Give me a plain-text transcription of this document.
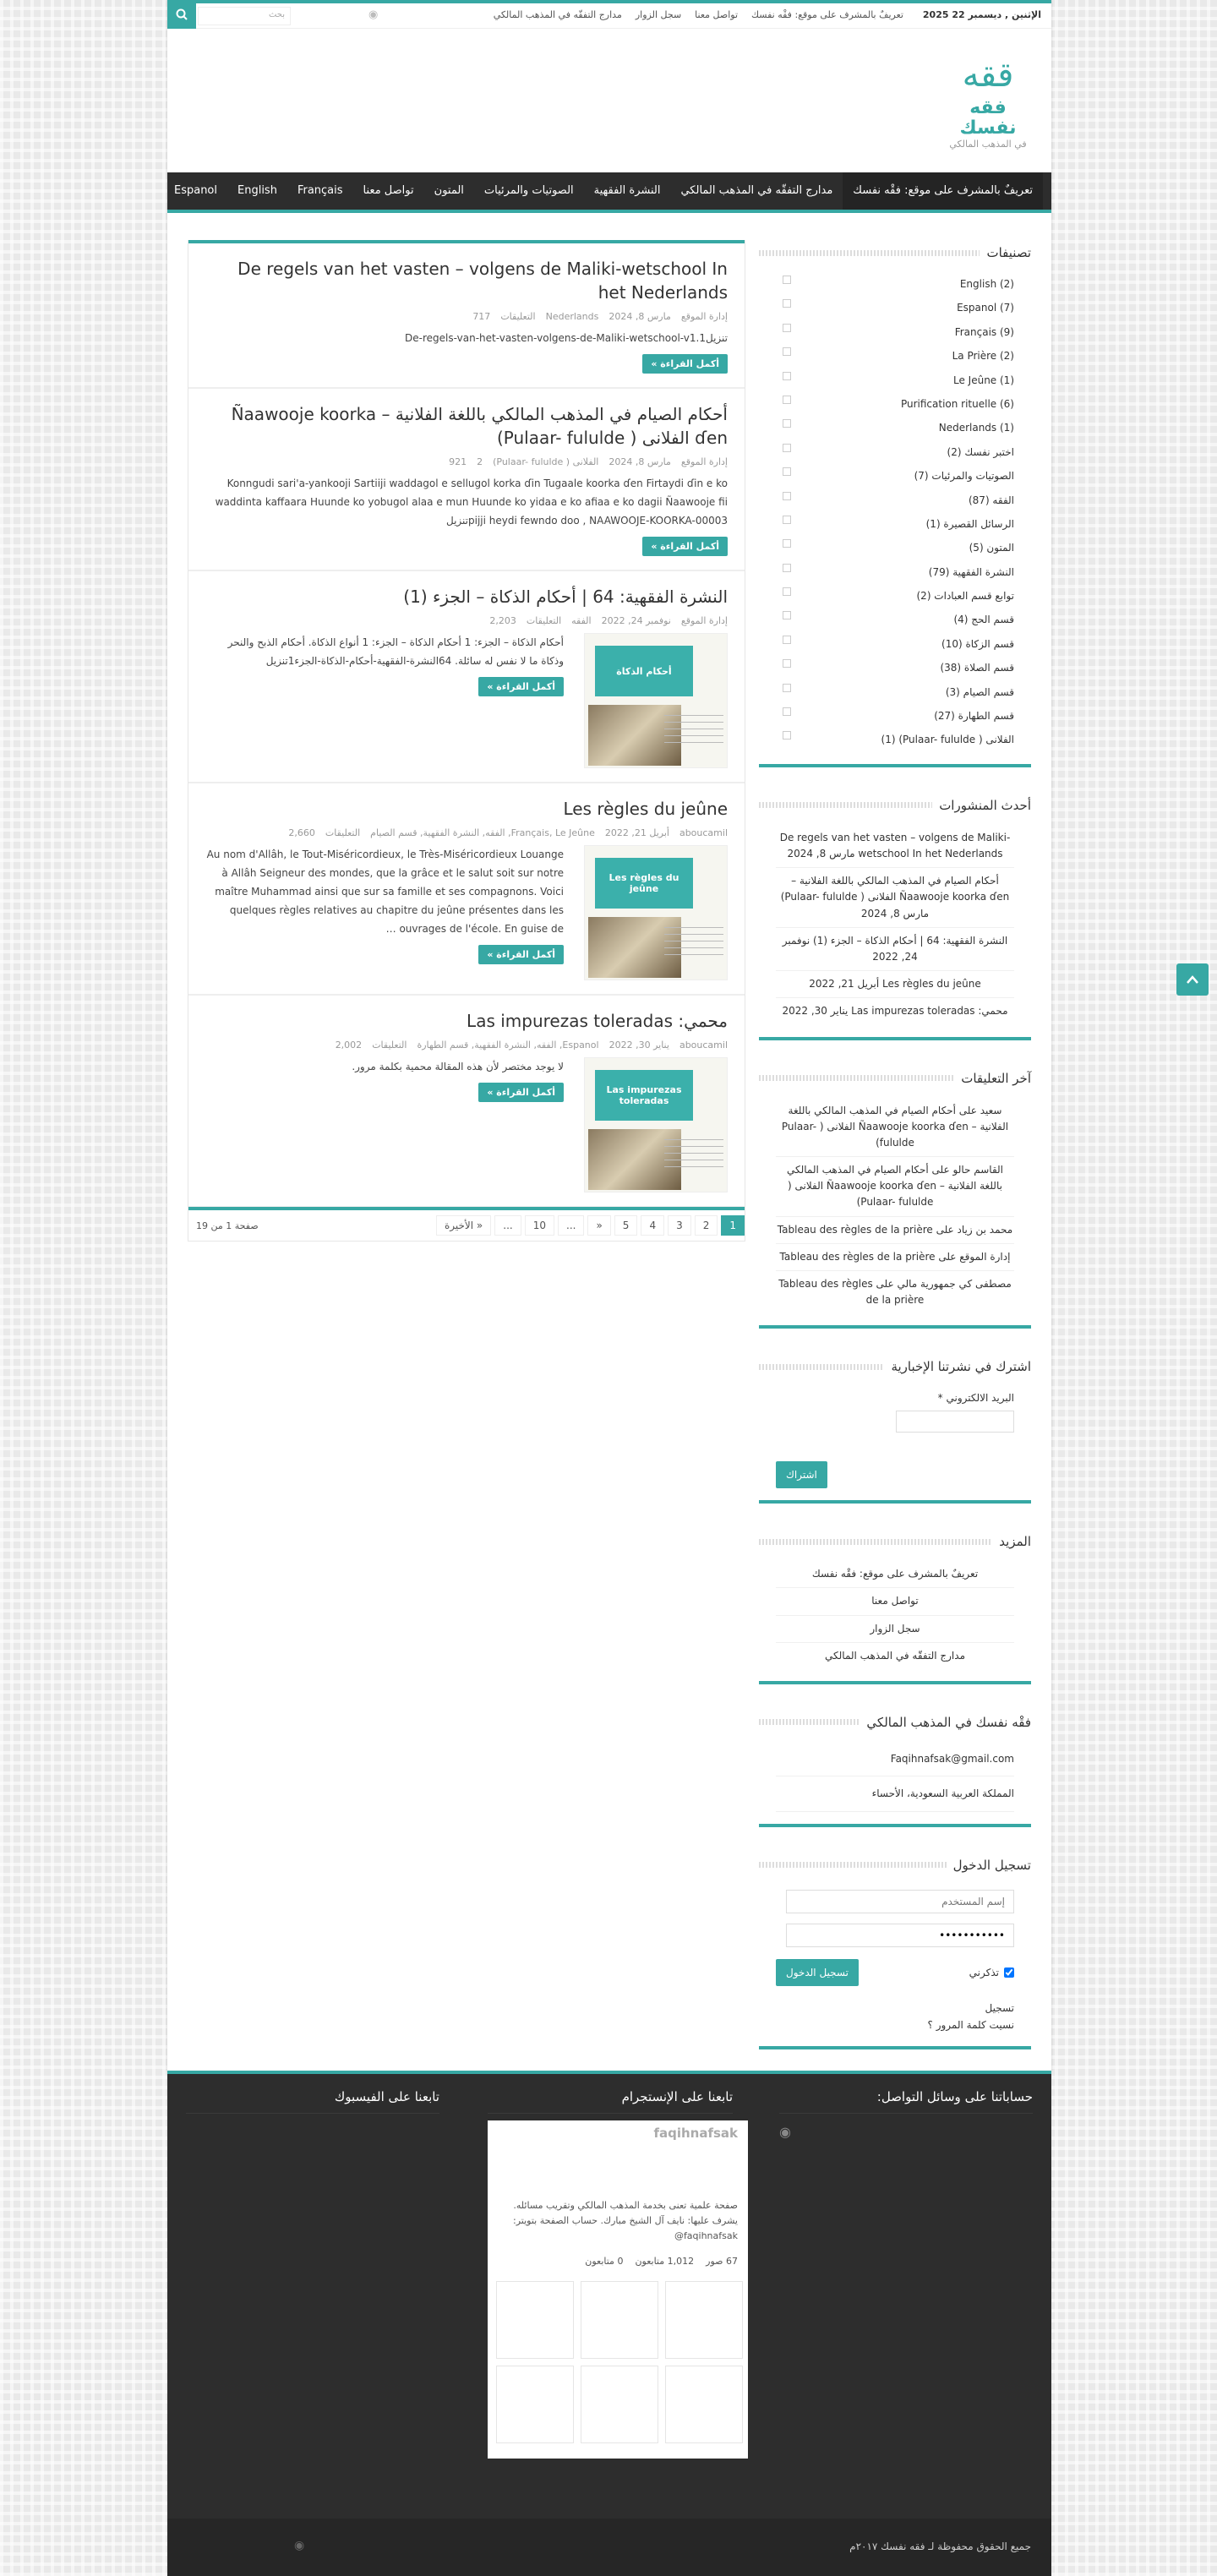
بحث	◉	تعريفٌ بالمشرف على موقع: فقْه نفسك
تواصل معنا
سجل الزوار
مدارج التفقّه في المذهب المالكي	الإثنين , ديسمبر 22 2025
ققه
فقه نفسك
في المذهب المالكي
تعريفٌ بالمشرف على موقع: فقْه نفسك
مدارج التفقّه في المذهب المالكي
النشرة الفقهية
الصوتيات والمرئيات
المتون
تواصل معنا
Français
English
Espanol
De regels van het vasten – volgens de Maliki-wetschool In het Nederlands
إدارة الموقع
مارس 8, 2024
Nederlands
التعليقات
717
تنزيلDe-regels-van-het-vasten-volgens-de-Maliki-wetschool-v1.1
أكمل القراءة »
أحكام الصيام في المذهب المالكي باللغة الفلانية – Ñaawooje koorka ɗen الفلانى ( Pulaar- fululde)
إدارة الموقع
مارس 8, 2024
الفلانى ( Pulaar- fululde)
2
921
Konngudi sari'a-yankooji Sartiiji waddagol e sellugol korka ɗin Tugaale koorka ɗen Firtaydi ɗin e ko waddinta kaffaara Huunde ko yobugol alaa e mun Huunde ko yidaa e ko afiaa e ko dagii Ñaawooje fii pijji heydi fewndo doo , NAAWOOJE-KOORKA-00003تنزيل
أكمل القراءة »
النشرة الفقهية: 64 | أحكام الذكاة – الجزء (1)
إدارة الموقع
نوفمبر 24, 2022
الفقه
التعليقات
2,203
أحكام الذكاة
أحكام الذكاة – الجزء: 1 أحكام الذكاة – الجزء: 1 أنواع الذكاة. أحكام الذبح والنحر وذكاة ما لا نفس له سائلة. 64النشرة-الفقهية-أحكام-الذكاة-الجزء1تنزيل
أكمل القراءة »
Les règles du jeûne
aboucamil
أبريل 21, 2022
Français, Le Jeûne, الفقه, النشرة الفقهية, قسم الصيام
التعليقات
2,660
Les règles du jeûne
Au nom d'Allâh, le Tout-Miséricordieux, le Très-Miséricordieux Louange à Allâh Seigneur des mondes, que la grâce et le salut soit sur notre maître Muhammad ainsi que sur sa famille et ses compagnons. Voici quelques règles relatives au chapitre du jeûne présentes dans les ouvrages de l'école. En guise de …
أكمل القراءة »
محمي: Las impurezas toleradas
aboucamil
يناير 30, 2022
Espanol, الفقه, النشرة الفقهية, قسم الطهارة
التعليقات
2,002
Las impurezas toleradas
لا يوجد مختصر لأن هذه المقالة محمية بكلمة مرور.
أكمل القراءة »
1
2
3
4
5
»
...
10
...
الأخيرة »
صفحة 1 من 19
تصنيفات
English (2)
Espanol (7)
Français (9)
La Prière (2)
Le Jeûne (1)
Purification rituelle (6)
Nederlands (1)
اختبر نفسك (2)
الصوتيات والمرئيات (7)
الفقه (87)
الرسائل القصيرة (1)
المتون (5)
النشرة الفقهية (79)
توابع قسم العبادات (2)
قسم الحج (4)
قسم الزكاة (10)
قسم الصلاة (38)
قسم الصيام (3)
قسم الطهارة (27)
الفلانى ( Pulaar- fululde) (1)
أحدث المنشورات
De regels van het vasten – volgens de Maliki-wetschool In het Nederlands مارس 8, 2024
أحكام الصيام في المذهب المالكي باللغة الفلانية – Ñaawooje koorka ɗen الفلانى ( Pulaar- fululde) مارس 8, 2024
النشرة الفقهية: 64 | أحكام الذكاة – الجزء (1) نوفمبر 24, 2022
Les règles du jeûne أبريل 21, 2022
محمي: Las impurezas toleradas يناير 30, 2022
آخر التعليقات
سعيد على أحكام الصيام في المذهب المالكي باللغة الفلانية – Ñaawooje koorka ɗen الفلانى ( Pulaar- fululde)
القاسم حالو على أحكام الصيام في المذهب المالكي باللغة الفلانية – Ñaawooje koorka ɗen الفلانى ( Pulaar- fululde)
محمد بن زياد على Tableau des règles de la prière
إدارة الموقع على Tableau des règles de la prière
مصطفى كي جمهورية مالي على Tableau des règles de la prière
اشترك في نشرتنا الإخبارية
البريد الالكتروني *
اشتراك
المزيد
تعريفٌ بالمشرف على موقع: فقْه نفسك
تواصل معنا
سجل الزوار
مدارج التفقّه في المذهب المالكي
فقْه نفسك في المذهب المالكي
Faqihnafsak@gmail.com
المملكة العربية السعودية، الأحساء
تسجيل الدخول
إسم المستخدم •••••••••••
تذكرني
تسجيل الدخول
تسجيل
نسيت كلمة المرور ؟
حساباتنا على وسائل التواصل:
◉
تابعنا على الإنستجرام
faqihnafsak
صفحة علمية تعنى بخدمة المذهب المالكي وتقريب مسائله. يشرف عليها: نايف آل الشيخ مبارك. حساب الصفحة بتويتر: faqihnafsak@
67 صور
1,012 متابعون
0 متابعون
تابعنا على الفيسبوك
جميع الحقوق محفوظة لـ فقه نفسك ٢٠١٧م
◉
